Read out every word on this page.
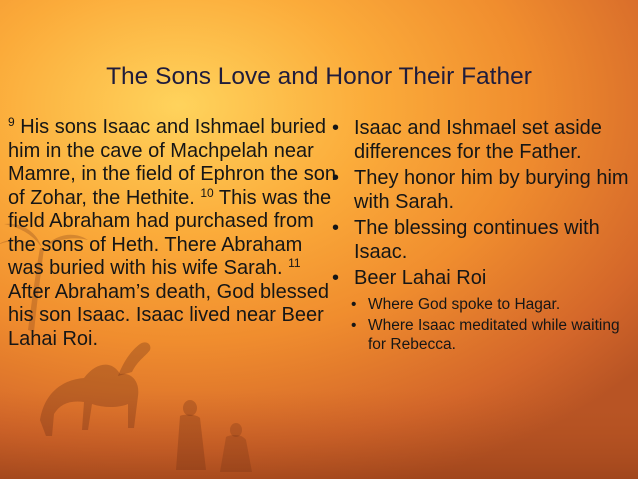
The Sons Love and Honor Their Father
$^9$ His sons Isaac and Ishmael buried him in the cave of Machpelah near Mamre, in the field of Ephron the son of Zohar, the Hethite. $^{10}$ This was the field Abraham had purchased from the sons of Heth. There Abraham was buried with his wife Sarah. $^{11}$ After Abraham’s death, God blessed his son Isaac. Isaac lived near Beer Lahai Roi.
• Isaac and Ishmael set aside differences for the Father.
• They honor him by burying him with Sarah.
• The blessing continues with Isaac.
• Beer Lahai Roi
• Where God spoke to Hagar.
• Where Isaac meditated while waiting for Rebecca.
